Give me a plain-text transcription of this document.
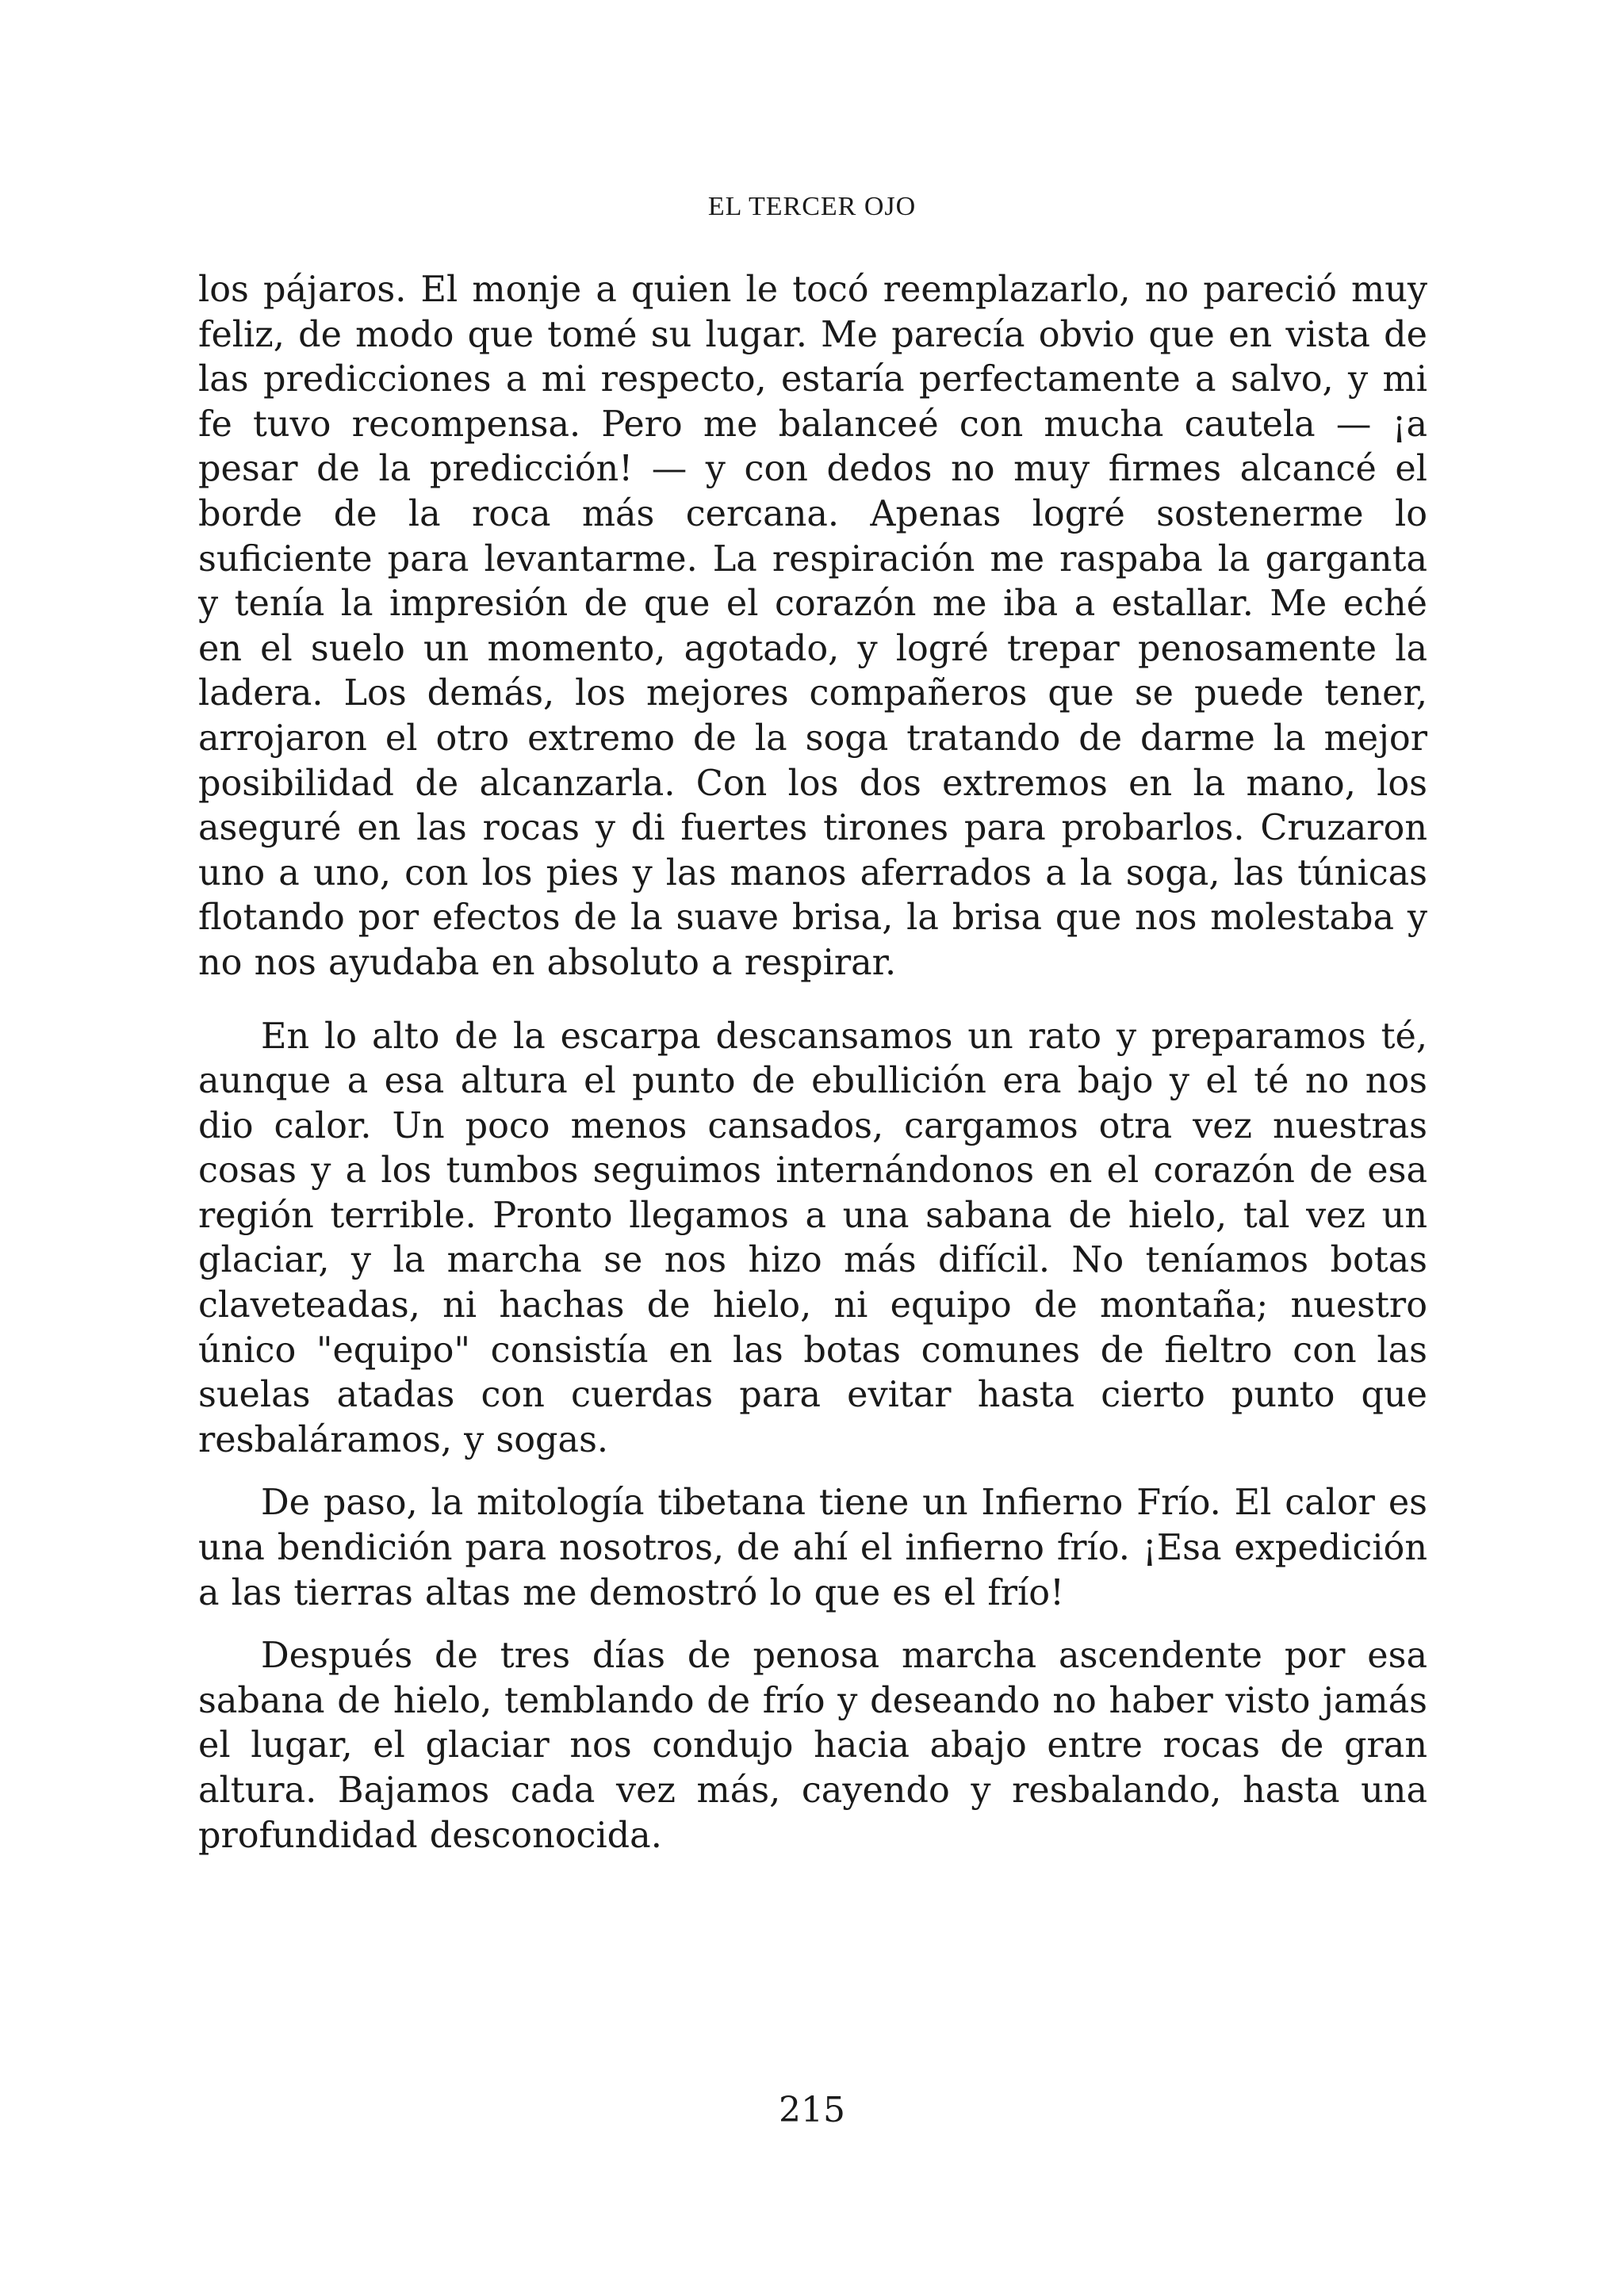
EL TERCER OJO

los pájaros. El monje a quien le tocó reemplazarlo, no pareció muy feliz, de modo que tomé su lugar. Me parecía obvio que en vista de las predicciones a mi respecto, estaría perfectamente a salvo, y mi fe tuvo recompensa. Pero me balanceé con mucha cautela — ¡a pesar de la predicción! — y con dedos no muy firmes alcancé el borde de la roca más cercana. Apenas logré sostenerme lo suficiente para levantarme. La respiración me raspaba la garganta y tenía la impresión de que el corazón me iba a estallar. Me eché en el suelo un momento, agotado, y logré trepar penosamente la ladera. Los demás, los mejores compañeros que se puede tener, arrojaron el otro extremo de la soga tratando de darme la mejor posibilidad de alcanzarla. Con los dos extremos en la mano, los aseguré en las rocas y di fuertes tirones para probarlos. Cruzaron uno a uno, con los pies y las manos aferrados a la soga, las túnicas flotando por efectos de la suave brisa, la brisa que nos molestaba y no nos ayudaba en absoluto a respirar.

En lo alto de la escarpa descansamos un rato y preparamos té, aunque a esa altura el punto de ebullición era bajo y el té no nos dio calor. Un poco menos cansados, cargamos otra vez nuestras cosas y a los tumbos seguimos internándonos en el corazón de esa región terrible. Pronto llegamos a una sabana de hielo, tal vez un glaciar, y la marcha se nos hizo más difícil. No teníamos botas claveteadas, ni hachas de hielo, ni equipo de montaña; nuestro único "equipo" consistía en las botas comunes de fieltro con las suelas atadas con cuerdas para evitar hasta cierto punto que resbaláramos, y sogas.

De paso, la mitología tibetana tiene un Infierno Frío. El calor es una bendición para nosotros, de ahí el infierno frío. ¡Esa expedición a las tierras altas me demostró lo que es el frío!

Después de tres días de penosa marcha ascendente por esa sabana de hielo, temblando de frío y deseando no haber visto jamás el lugar, el glaciar nos condujo hacia abajo entre rocas de gran altura. Bajamos cada vez más, cayendo y resbalando, hasta una profundidad desconocida.

215
